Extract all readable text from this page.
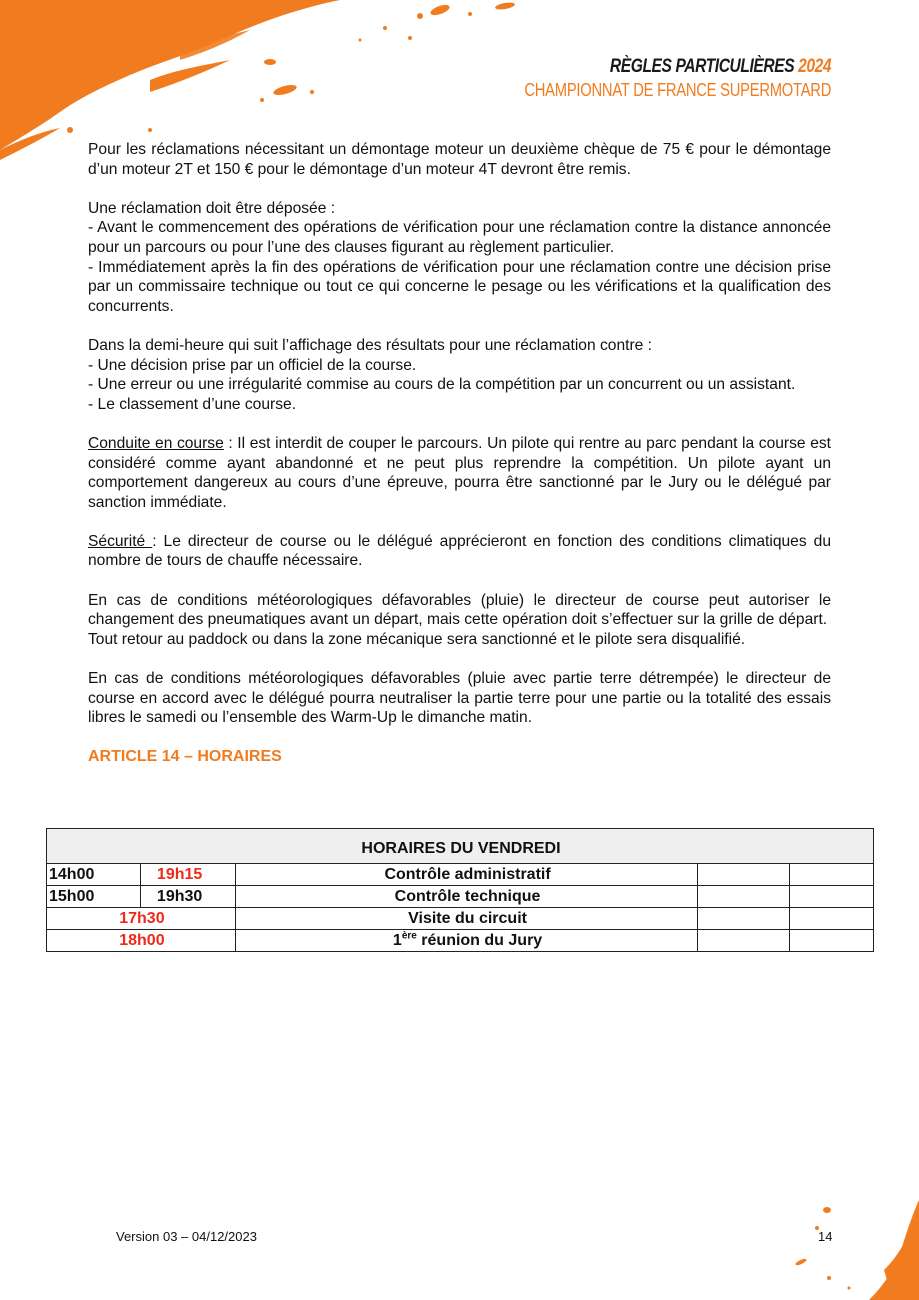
RÈGLES PARTICULIÈRES 2024
CHAMPIONNAT DE FRANCE SUPERMOTARD

Pour les réclamations nécessitant un démontage moteur un deuxième chèque de 75 € pour le démontage d’un moteur 2T et 150 € pour le démontage d’un moteur 4T devront être remis.

Une réclamation doit être déposée :
- Avant le commencement des opérations de vérification pour une réclamation contre la distance annoncée pour un parcours ou pour l’une des clauses figurant au règlement particulier.
- Immédiatement après la fin des opérations de vérification pour une réclamation contre une décision prise par un commissaire technique ou tout ce qui concerne le pesage ou les vérifications et la qualification des concurrents.

Dans la demi-heure qui suit l’affichage des résultats pour une réclamation contre :
- Une décision prise par un officiel de la course.
- Une erreur ou une irrégularité commise au cours de la compétition par un concurrent ou un assistant.
- Le classement d’une course.

Conduite en course : Il est interdit de couper le parcours. Un pilote qui rentre au parc pendant la course est considéré comme ayant abandonné et ne peut plus reprendre la compétition. Un pilote ayant un comportement dangereux au cours d’une épreuve, pourra être sanctionné par le Jury ou le délégué par sanction immédiate.

Sécurité : Le directeur de course ou le délégué apprécieront en fonction des conditions climatiques du nombre de tours de chauffe nécessaire.

En cas de conditions météorologiques défavorables (pluie) le directeur de course peut autoriser le changement des pneumatiques avant un départ, mais cette opération doit s’effectuer sur la grille de départ.
Tout retour au paddock ou dans la zone mécanique sera sanctionné et le pilote sera disqualifié.

En cas de conditions météorologiques défavorables (pluie avec partie terre détrempée) le directeur de course en accord avec le délégué pourra neutraliser la partie terre pour une partie ou la totalité des essais libres le samedi ou l’ensemble des Warm-Up le dimanche matin.

ARTICLE 14 – HORAIRES

HORAIRES DU VENDREDI				
14h00	19h15	Contrôle administratif		
15h00	19h30	Contrôle technique		
17h30		Visite du circuit		
18h00		1ère réunion du Jury		
Version 03 – 04/12/2023	14
